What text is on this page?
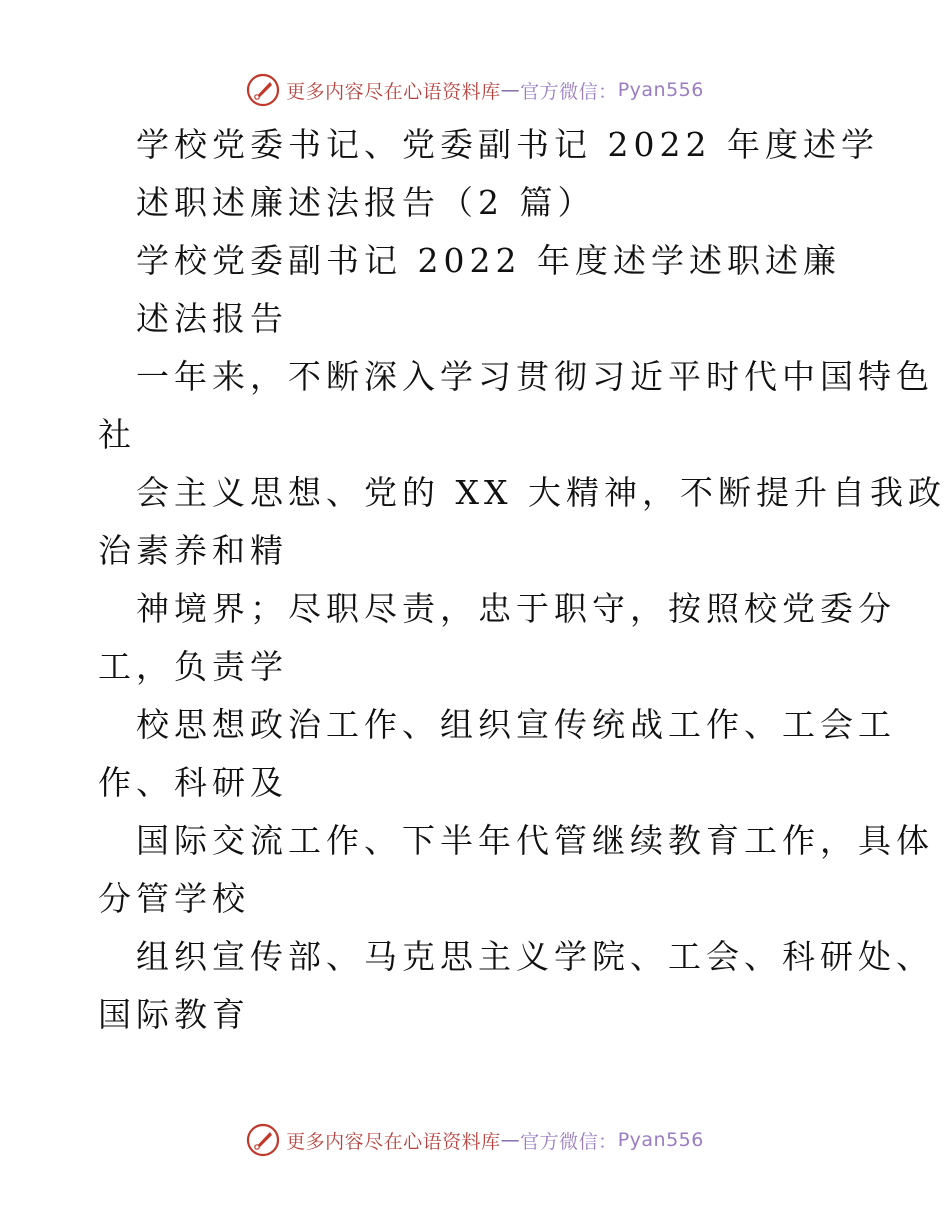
更多内容尽在心语资料库 — 官方微信： Pyan556
学校党委书记、党委副书记 2022 年度述学
述职述廉述法报告（2 篇）
学校党委副书记 2022 年度述学述职述廉
述法报告
一年来，不断深入学习贯彻习近平时代中国特色
社
会主义思想、党的 XX 大精神，不断提升自我政
治素养和精
神境界；尽职尽责，忠于职守，按照校党委分
工，负责学
校思想政治工作、组织宣传统战工作、工会工
作、科研及
国际交流工作、下半年代管继续教育工作，具体
分管学校
组织宣传部、马克思主义学院、工会、科研处、
国际教育
更多内容尽在心语资料库 — 官方微信： Pyan556
